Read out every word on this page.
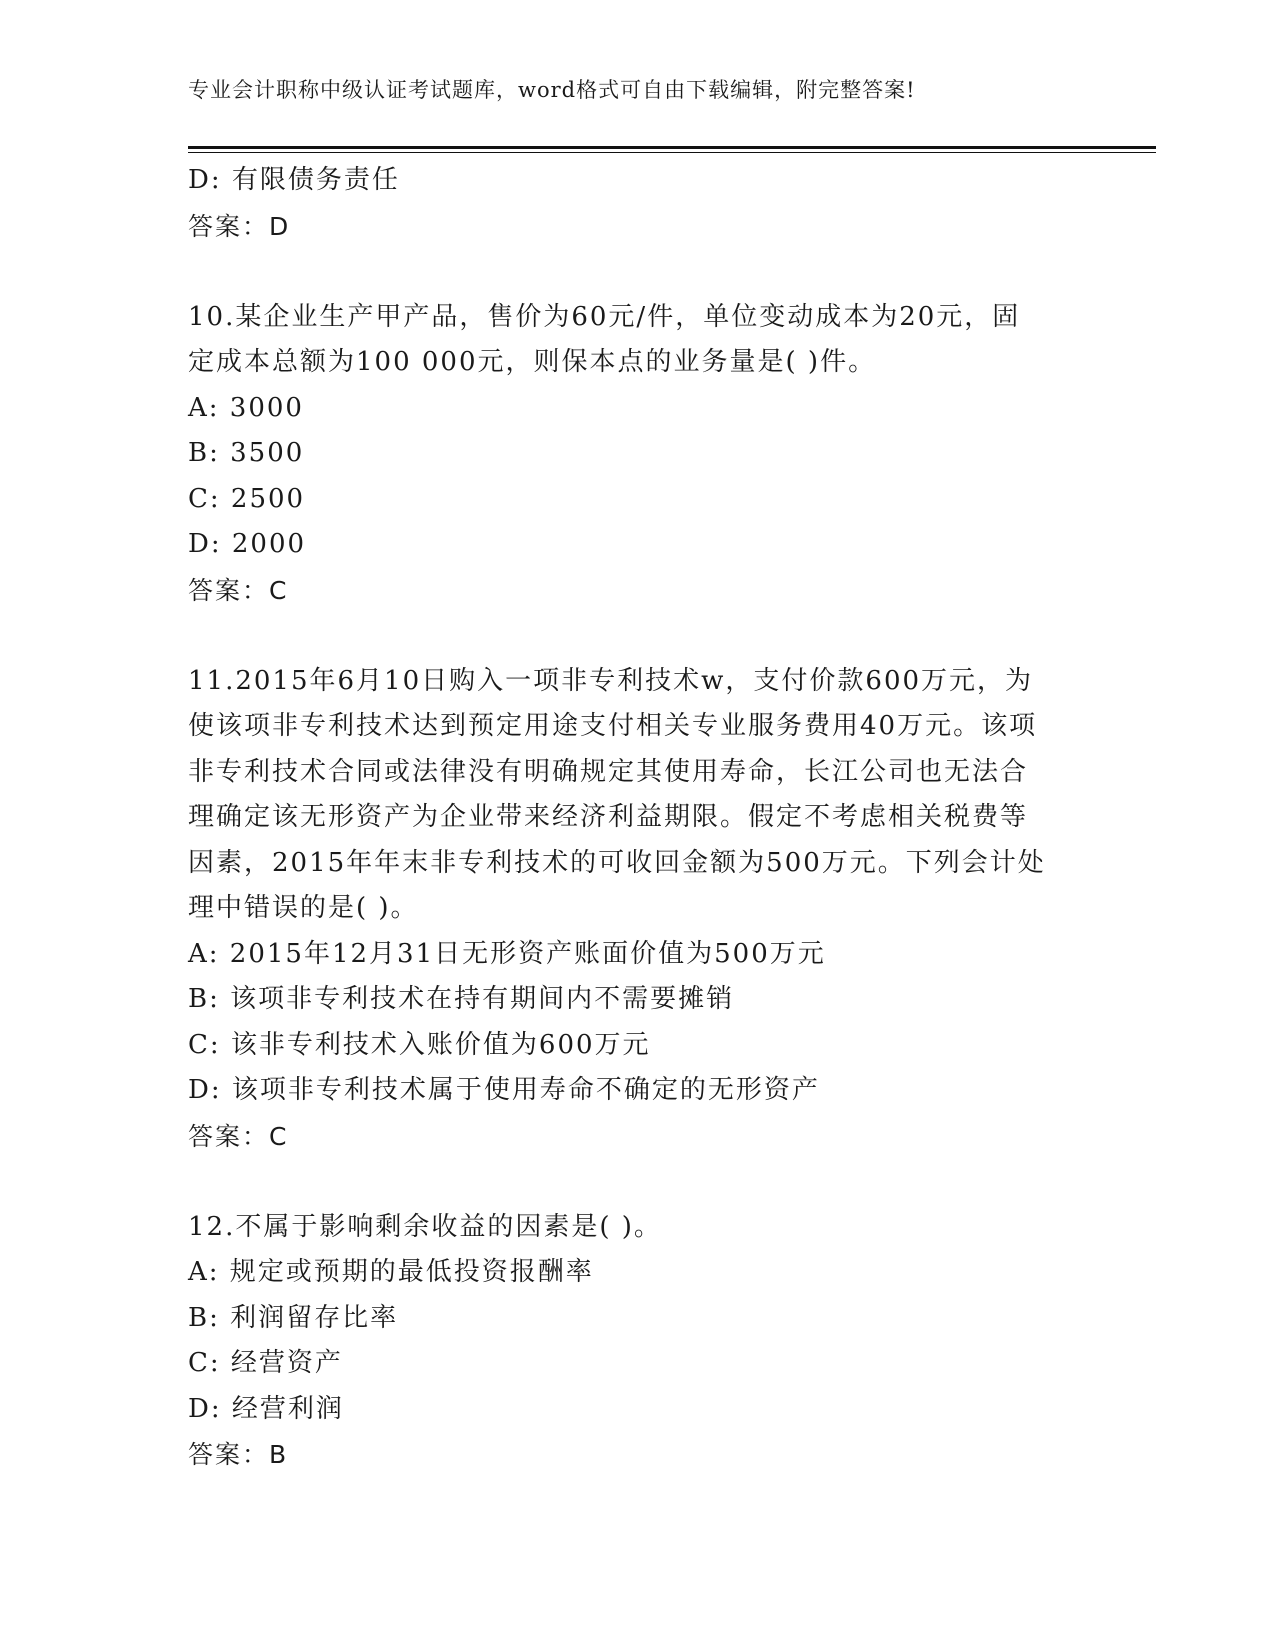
专业会计职称中级认证考试题库，word格式可自由下载编辑，附完整答案!
D: 有限债务责任
答案：D
10.某企业生产甲产品，售价为60元/件，单位变动成本为20元，固
定成本总额为100 000元，则保本点的业务量是( )件。
A: 3000
B: 3500
C: 2500
D: 2000
答案：C
11.2015年6月10日购入一项非专利技术w，支付价款600万元，为
使该项非专利技术达到预定用途支付相关专业服务费用40万元。该项
非专利技术合同或法律没有明确规定其使用寿命，长江公司也无法合
理确定该无形资产为企业带来经济利益期限。假定不考虑相关税费等
因素，2015年年末非专利技术的可收回金额为500万元。下列会计处
理中错误的是( )。
A: 2015年12月31日无形资产账面价值为500万元
B: 该项非专利技术在持有期间内不需要摊销
C: 该非专利技术入账价值为600万元
D: 该项非专利技术属于使用寿命不确定的无形资产
答案：C
12.不属于影响剩余收益的因素是( )。
A: 规定或预期的最低投资报酬率
B: 利润留存比率
C: 经营资产
D: 经营利润
答案：B
